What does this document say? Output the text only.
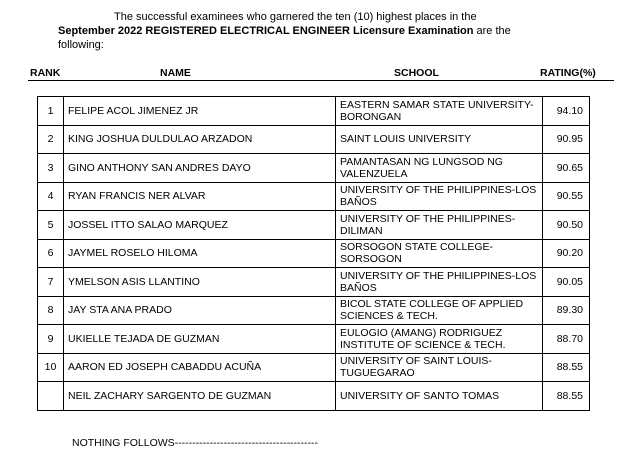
The successful examinees who garnered the ten (10) highest places in the
September 2022 REGISTERED ELECTRICAL ENGINEER Licensure Examination are the
following:
RANK	NAME	SCHOOL	RATING(%)
1	FELIPE ACOL JIMENEZ JR	EASTERN SAMAR STATE UNIVERSITY-BORONGAN	94.10
2	KING JOSHUA DULDULAO ARZADON	SAINT LOUIS UNIVERSITY	90.95
3	GINO ANTHONY SAN ANDRES DAYO	PAMANTASAN NG LUNGSOD NG VALENZUELA	90.65
4	RYAN FRANCIS NER ALVAR	UNIVERSITY OF THE PHILIPPINES-LOS BAÑOS	90.55
5	JOSSEL ITTO SALAO MARQUEZ	UNIVERSITY OF THE PHILIPPINES-DILIMAN	90.50
6	JAYMEL ROSELO HILOMA	SORSOGON STATE COLLEGE-SORSOGON	90.20
7	YMELSON ASIS LLANTINO	UNIVERSITY OF THE PHILIPPINES-LOS BAÑOS	90.05
8	JAY STA ANA PRADO	BICOL STATE COLLEGE OF APPLIED SCIENCES & TECH.	89.30
9	UKIELLE TEJADA DE GUZMAN	EULOGIO (AMANG) RODRIGUEZ INSTITUTE OF SCIENCE & TECH.	88.70
10	AARON ED JOSEPH CABADDU ACUÑA	UNIVERSITY OF SAINT LOUIS-TUGUEGARAO	88.55
	NEIL ZACHARY SARGENTO DE GUZMAN	UNIVERSITY OF SANTO TOMAS	88.55
NOTHING FOLLOWS-----------------------------------------
